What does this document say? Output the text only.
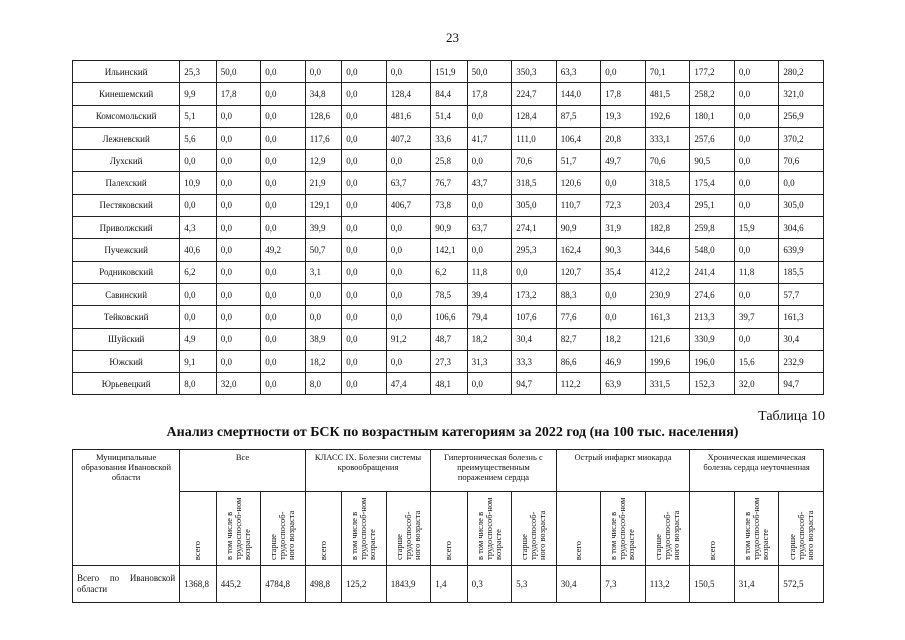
23
Ильинский	25,3	50,0	0,0	0,0	0,0	0,0	151,9	50,0	350,3	63,3	0,0	70,1	177,2	0,0	280,2
Кинешемский	9,9	17,8	0,0	34,8	0,0	128,4	84,4	17,8	224,7	144,0	17,8	481,5	258,2	0,0	321,0
Комсомольский	5,1	0,0	0,0	128,6	0,0	481,6	51,4	0,0	128,4	87,5	19,3	192,6	180,1	0,0	256,9
Лежневский	5,6	0,0	0,0	117,6	0,0	407,2	33,6	41,7	111,0	106,4	20,8	333,1	257,6	0,0	370,2
Лухский	0,0	0,0	0,0	12,9	0,0	0,0	25,8	0,0	70,6	51,7	49,7	70,6	90,5	0,0	70,6
Палехский	10,9	0,0	0,0	21,9	0,0	63,7	76,7	43,7	318,5	120,6	0,0	318,5	175,4	0,0	0,0
Пестяковский	0,0	0,0	0,0	129,1	0,0	406,7	73,8	0,0	305,0	110,7	72,3	203,4	295,1	0,0	305,0
Приволжский	4,3	0,0	0,0	39,9	0,0	0,0	90,9	63,7	274,1	90,9	31,9	182,8	259,8	15,9	304,6
Пучежский	40,6	0,0	49,2	50,7	0,0	0,0	142,1	0,0	295,3	162,4	90,3	344,6	548,0	0,0	639,9
Родниковский	6,2	0,0	0,0	3,1	0,0	0,0	6,2	11,8	0,0	120,7	35,4	412,2	241,4	11,8	185,5
Савинский	0,0	0,0	0,0	0,0	0,0	0,0	78,5	39,4	173,2	88,3	0,0	230,9	274,6	0,0	57,7
Тейковский	0,0	0,0	0,0	0,0	0,0	0,0	106,6	79,4	107,6	77,6	0,0	161,3	213,3	39,7	161,3
Шуйский	4,9	0,0	0,0	38,9	0,0	91,2	48,7	18,2	30,4	82,7	18,2	121,6	330,9	0,0	30,4
Южский	9,1	0,0	0,0	18,2	0,0	0,0	27,3	31,3	33,3	86,6	46,9	199,6	196,0	15,6	232,9
Юрьевецкий	8,0	32,0	0,0	8,0	0,0	47,4	48,1	0,0	94,7	112,2	63,9	331,5	152,3	32,0	94,7
Таблица 10
Анализ смертности от БСК по возрастным категориям за 2022 год (на 100 тыс. населения)
Муниципальные образования Ивановской области	Все			КЛАСС IX. Болезни системы кровообращения			Гипертоническая болезнь с преимущественным поражением сердца			Острый инфаркт миокарда			Хроническая ишемическая болезнь сердца неуточненная		
	всего	в том числе в трудоспособ-ном возрасте	старше трудоспособ-ного возраста	всего	в том числе в трудоспособ-ном возрасте	старше трудоспособ-ного возраста	всего	в том числе в трудоспособ-ном возрасте	старше трудоспособ-ного возраста	всего	в том числе в трудоспособ-ном возрасте	старше трудоспособ-ного возраста	всего	в том числе в трудоспособ-ном возрасте	старше трудоспособ-ного возраста
Всего по Ивановской области	1368,8	445,2	4784,8	498,8	125,2	1843,9	1,4	0,3	5,3	30,4	7,3	113,2	150,5	31,4	572,5
